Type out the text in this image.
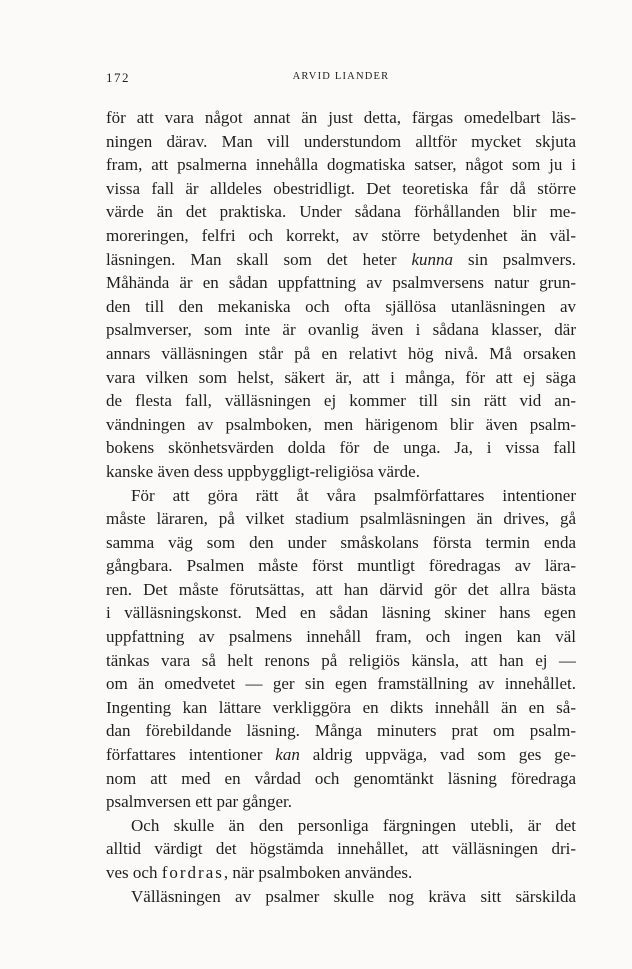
172	ARVID LIANDER
för att vara något annat än just detta, färgas omedelbart läs-
ningen därav. Man vill understundom alltför mycket skjuta
fram, att psalmerna innehålla dogmatiska satser, något som ju i
vissa fall är alldeles obestridligt. Det teoretiska får då större
värde än det praktiska. Under sådana förhållanden blir me-
moreringen, felfri och korrekt, av större betydenhet än väl-
läsningen. Man skall som det heter kunna sin psalmvers.
Måhända är en sådan uppfattning av psalmversens natur grun-
den till den mekaniska och ofta själlösa utanläsningen av
psalmverser, som inte är ovanlig även i sådana klasser, där
annars välläsningen står på en relativt hög nivå. Må orsaken
vara vilken som helst, säkert är, att i många, för att ej säga
de flesta fall, välläsningen ej kommer till sin rätt vid an-
vändningen av psalmboken, men härigenom blir även psalm-
bokens skönhetsvärden dolda för de unga. Ja, i vissa fall
kanske även dess uppbyggligt-religiösa värde.
För att göra rätt åt våra psalmförfattares intentioner
måste läraren, på vilket stadium psalmläsningen än drives, gå
samma väg som den under småskolans första termin enda
gångbara. Psalmen måste först muntligt föredragas av lära-
ren. Det måste förutsättas, att han därvid gör det allra bästa
i välläsningskonst. Med en sådan läsning skiner hans egen
uppfattning av psalmens innehåll fram, och ingen kan väl
tänkas vara så helt renons på religiös känsla, att han ej —
om än omedvetet — ger sin egen framställning av innehållet.
Ingenting kan lättare verkliggöra en dikts innehåll än en så-
dan förebildande läsning. Många minuters prat om psalm-
författares intentioner kan aldrig uppväga, vad som ges ge-
nom att med en vårdad och genomtänkt läsning föredraga
psalmversen ett par gånger.
Och skulle än den personliga färgningen utebli, är det
alltid värdigt det högstämda innehållet, att välläsningen dri-
ves och fordras, när psalmboken användes.
Välläsningen av psalmer skulle nog kräva sitt särskilda
